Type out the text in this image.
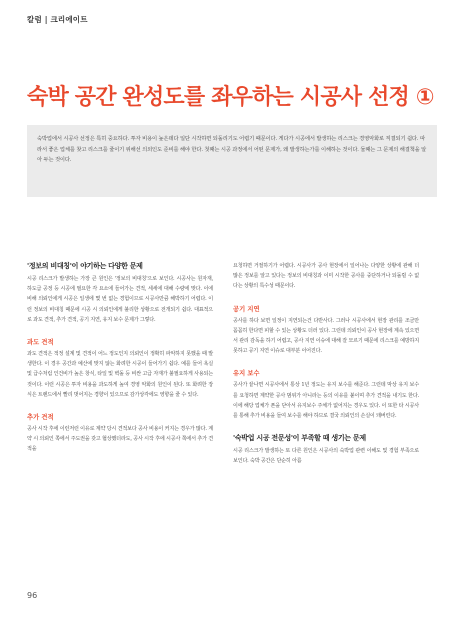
칼럼 | 크리에이트
숙박 공간 완성도를 좌우하는 시공사 선정 ①

숙박업에서 시공사 선정은 특히 중요하다. 투자 비용이 높은데다 일단 시작하면 되돌리기도 어렵기 때문이다. 게다가 시공에서 발생하는 리스크는 경영악화로 직결되기 쉽다. 따라서 좋은 업체를 찾고 리스크를 줄이기 위해선 의외인도 준비를 해야 한다. 첫째는 시공 과정에서 어떤 문제가, 왜 발생하는가를 이해하는 것이다. 둘째는 그 문제의 해결책을 알아 두는 것이다.

'정보의 비대칭'이 야기하는 다양한 문제

시공 리스크가 발생하는 가장 큰 원인은 '정보의 비대칭'으로 보인다. 시공사는 원자재, 하도급 공정 등 시공에 필요한 각 요소에 들어가는 견적, 세세에 대해 수량에 맞다. 이에 비해 의뢰인에게 시공은 일생에 몇 번 없는 경험이므로 시공사만큼 해박하기 어렵다. 이런 정보의 비대칭 때문에 시공 시 의뢰인에게 불리한 상황으로 전개되기 쉽다. 대표적으로 과도 견적, 추가 견적, 공기 지연, 유지 보수 문제가 그렇다.

과도 견적

과도 견적은 적정 설계 및 견적이 어느 정도인지 의뢰인이 정확히 파악하지 못했을 때 발생한다. 이 경우 공간과 예산에 맞지 않는 화려한 시공이 들어가기 쉽다. 예를 들어 욕실 및 급수처럼 인건비가 높은 창식, 타일 및 벽돌 등 비싼 고급 자재가 불필요하게 사용되는 것이다. 이런 시공은 투자 비용을 과도하게 높여 경영 악화의 원인이 된다. 또 화려한 장식은 트렌드에서 빨리 벗어지는 경향이 있으므로 감가상각에도 영향을 줄 수 있다.

추가 견적

공사 시작 후에 이런저런 이유로 계약 당시 견적보다 공사 비용이 커지는 경우가 많다. 계약 시 의뢰인 쪽에서 주도권을 갖고 협상했더라도, 공사 시작 후에 시공사 쪽에서 추가 견적을

요청하면 거절하기가 어렵다. 시공사가 공사 현장에서 일어나는 다양한 상황에 관해 더 많은 정보를 알고 있다는 정보의 비대칭과 이미 시작한 공사를 중단하거나 되돌릴 수 없다는 상황의 특수성 때문이다.

공기 지연

공사를 하다 보면 일정이 지연되는건 다반사다. 그러나 시공사에서 현장 관리를 조금만 꼼꼼히 한다면 피할 수 있는 상황도 더러 있다. 그런데 의뢰인이 공사 현장에 계속 있으면서 관리 감독을 하기 어렵고, 공사 지연 이슈에 대해 잘 모르기 때문에 리스크를 예방하지 못하고 공기 지연 이슈로 대부분 이어진다.

유지 보수

공사가 끝나면 시공사에서 통상 1년 정도는 유지 보수를 해준다. 그런데 막상 유지 보수를 요청하면 계약한 공사 범위가 아니라는 등의 이유를 붙이며 추가 견적을 내기도 한다. 이에 해당 업체가 폰을 닫아서 유지보수 주체가 없어지는 경우도 있다. 이 또한 타 시공사를 통해 추가 비용을 들여 보수를 해야 하므로 결국 의뢰인의 손실이 돼버린다.

'숙박업 시공 전문성'이 부족할 때 생기는 문제

시공 리스크가 발생하는 또 다른 원인은 시공사의 숙박업 관련 이해도 및 경험 부족으로 보인다. 숙박 공간은 단순히 아름

96
